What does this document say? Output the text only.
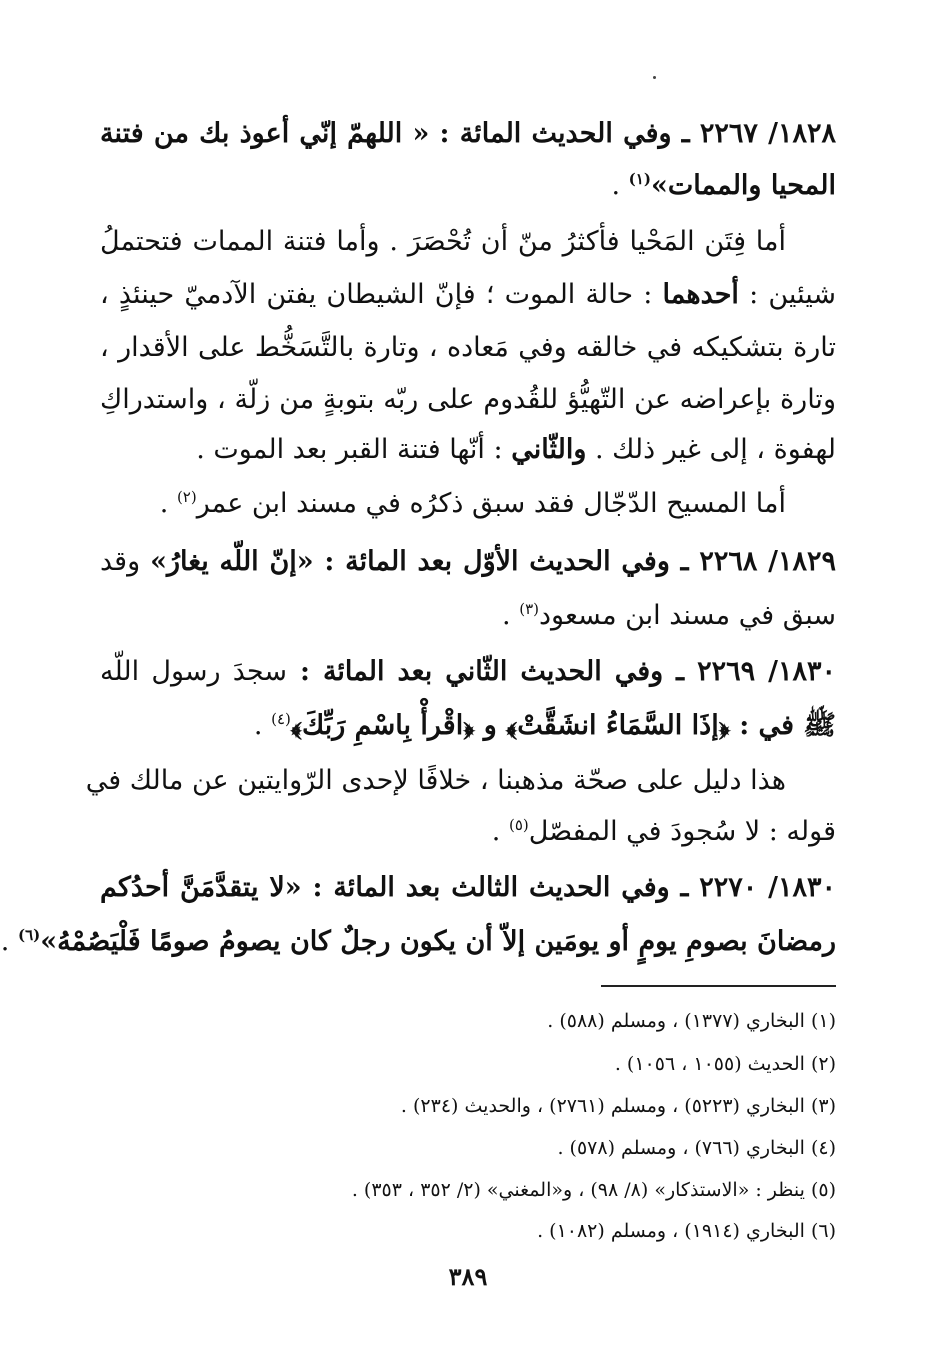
١٨٢٨/ ٢٢٦٧ ـ وفي الحديث المائة : « اللهمّ إنّي أعوذ بك من فتنة
المحيا والممات»$^{(١)}$ .
أما فِتَن المَحْيا فأكثرُ منّ أن تُحْصَرَ . وأما فتنة الممات فتحتملُ
شيئين : أحدهما : حالة الموت ؛ فإنّ الشيطان يفتن الآدميّ حينئذٍ ،
تارة بتشكيكه في خالقه وفي مَعاده ، وتارة بالتَّسَخُّط على الأقدار ،
وتارة بإعراضه عن التّهيُّؤ للقُدوم على ربّه بتوبةٍ من زلّة ، واستدراكِ
لهفوة ، إلى غير ذلك . والثّاني : أنّها فتنة القبر بعد الموت .
أما المسيح الدّجّال فقد سبق ذكرُه في مسند ابن عمر$^{(٢)}$ .
١٨٢٩/ ٢٢٦٨ ـ وفي الحديث الأوّل بعد المائة : «إنّ اللّه يغارُ» وقد
سبق في مسند ابن مسعود$^{(٣)}$ .
١٨٣٠/ ٢٢٦٩ ـ وفي الحديث الثّاني بعد المائة : سجدَ رسول اللّه
ﷺ في : ﴿إذَا السَّمَاءُ انشَقَّتْ﴾ و ﴿اقْرأْ بِاسْمِ رَبِّكَ﴾$^{(٤)}$ .
هذا دليل على صحّة مذهبنا ، خلافًا لإحدى الرّوايتين عن مالك في
قوله : لا سُجودَ في المفصّل$^{(٥)}$ .
١٨٣٠/ ٢٢٧٠ ـ وفي الحديث الثالث بعد المائة : «لا يتقدَّمَنَّ أحدُكم
رمضانَ بصومِ يومٍ أو يومَين إلاّ أن يكون رجلٌ كان يصومُ صومًا فَلْيَصُمْهُ»$^{(٦)}$ .
(١) البخاري (١٣٧٧) ، ومسلم (٥٨٨) .
(٢) الحديث (١٠٥٥ ، ١٠٥٦) .
(٣) البخاري (٥٢٢٣) ، ومسلم (٢٧٦١) ، والحديث (٢٣٤) .
(٤) البخاري (٧٦٦) ، ومسلم (٥٧٨) .
(٥) ينظر : «الاستذكار» (٨/ ٩٨) ، و«المغني» (٢/ ٣٥٢ ، ٣٥٣) .
(٦) البخاري (١٩١٤) ، ومسلم (١٠٨٢) .
٣٨٩
